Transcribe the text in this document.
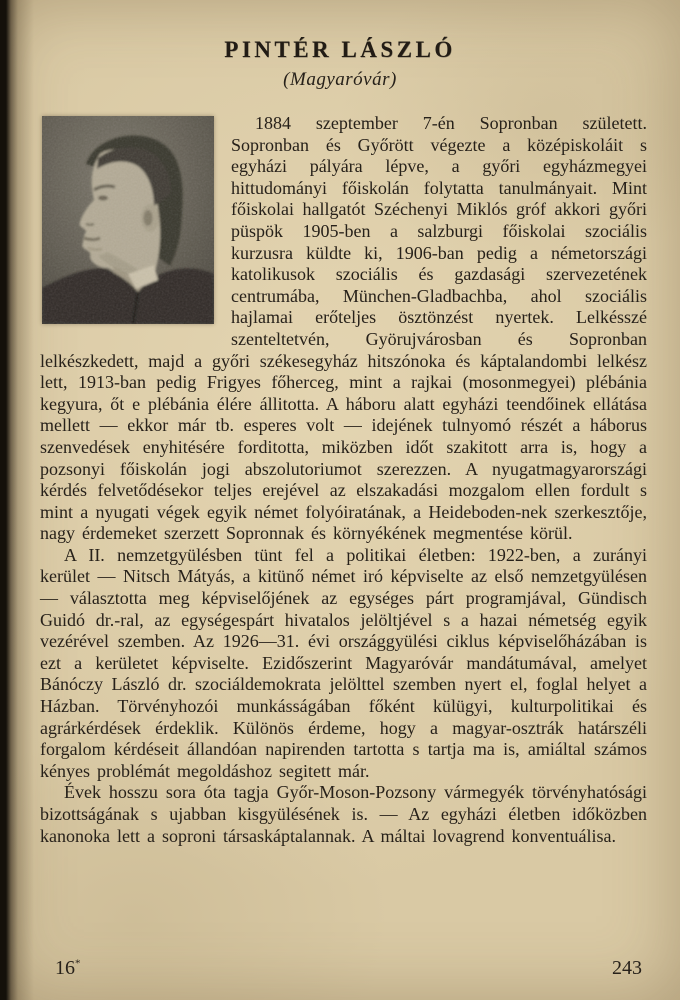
PINTÉR LÁSZLÓ
(Magyaróvár)

1884 szeptember 7-én Sopronban született. Sopronban és Győrött végezte a középiskoláit s egyházi pályára lépve, a győri egyházmegyei hittudományi főiskolán folytatta tanulmányait. Mint főiskolai hallgatót Széchenyi Miklós gróf akkori győri püspök 1905-ben a salzburgi főiskolai szociális kurzusra küldte ki, 1906-ban pedig a németországi katolikusok szociális és gazdasági szervezetének centrumába, München-Gladbachba, ahol szociális hajlamai erőteljes ösztönzést nyertek. Lelkésszé szenteltetvén, Györujvárosban és Sopronban lelkészkedett, majd a győri székesegyház hitszónoka és káptalandombi lelkész lett, 1913-ban pedig Frigyes főherceg, mint a rajkai (mosonmegyei) plébánia kegyura, őt e plébánia élére állitotta. A háboru alatt egyházi teendőinek ellátása mellett — ekkor már tb. esperes volt — idejének tulnyomó részét a háborus szenvedések enyhitésére forditotta, miközben időt szakitott arra is, hogy a pozsonyi főiskolán jogi abszolutoriumot szerezzen. A nyugatmagyarországi kérdés felvetődésekor teljes erejével az elszakadási mozgalom ellen fordult s mint a nyugati végek egyik német folyóiratának, a Heideboden-nek szerkesztője, nagy érdemeket szerzett Sopronnak és környékének megmentése körül.

A II. nemzetgyülésben tünt fel a politikai életben: 1922-ben, a zurányi kerület — Nitsch Mátyás, a kitünő német iró képviselte az első nemzetgyülésen — választotta meg képviselőjének az egységes párt programjával, Gündisch Guidó dr.-ral, az egységespárt hivatalos jelöltjével s a hazai németség egyik vezérével szemben. Az 1926—31. évi országgyülési ciklus képviselőházában is ezt a kerületet képviselte. Ezidőszerint Magyaróvár mandátumával, amelyet Bánóczy László dr. szociáldemokrata jelölttel szemben nyert el, foglal helyet a Házban. Törvényhozói munkásságában főként külügyi, kulturpolitikai és agrárkérdések érdeklik. Különös érdeme, hogy a magyar-osztrák határszéli forgalom kérdéseit állandóan napirenden tartotta s tartja ma is, amiáltal számos kényes problémát megoldáshoz segitett már.

Évek hosszu sora óta tagja Győr-Moson-Pozsony vármegyék törvényhatósági bizottságának s ujabban kisgyülésének is. — Az egyházi életben időközben kanonoka lett a soproni társaskáptalannak. A máltai lovagrend konventuálisa.

16*	243
